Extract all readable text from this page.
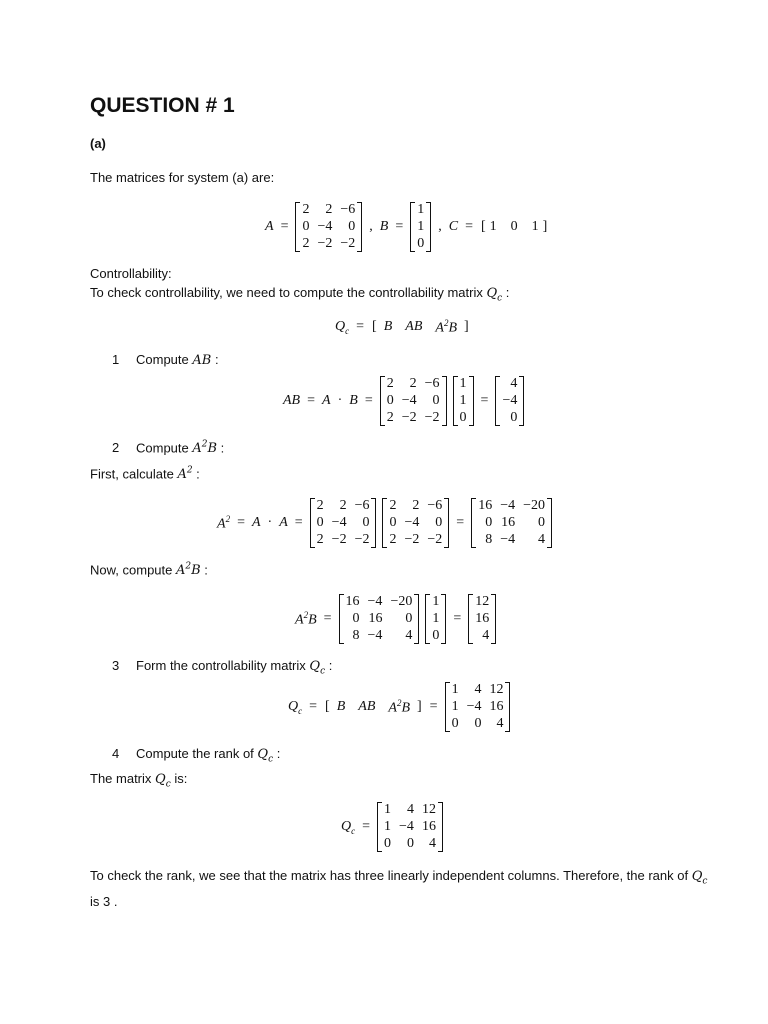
QUESTION # 1
(a)
The matrices for system (a) are:
A =
2	2 −6
0 −4	0
2 −2 −2
, B =
1
1
0
, C = [ 1 0 1 ]
Controllability:
To check controllability, we need to compute the controllability matrix $Q_c$ :
$Q_c$ = [ B AB $A^2B$ ]
1 Compute AB :
AB = A · B =
2	2 −6
0 −4	0
2 −2 −2
1
1
0
=
4
−4
0
2 Compute $A^2B$ :
First, calculate $A^2$ :
$A^2 = A \cdot A$ =
2	2 −6
0 −4	0
2 −2 −2
2	2 −6
0 −4	0
2 −2 −2
=
16 −4 −20
0 16	0
8 −4	4
Now, compute $A^2B$ :
$A^2B$ =
16 −4 −20
0 16	0
8 −4	4
1
1
0
=
12
16
4
3 Form the controllability matrix $Q_c$ :
$Q_c$ = [ B AB $A^2B$ ] =
1	4 12
1 −4 16
0	0	4
4 Compute the rank of $Q_c$ :
The matrix $Q_c$ is:
$Q_c$ =
1	4 12
1 −4 16
0	0	4
To check the rank, we see that the matrix has three linearly independent columns. Therefore, the rank of $Q_c$ is 3 .
